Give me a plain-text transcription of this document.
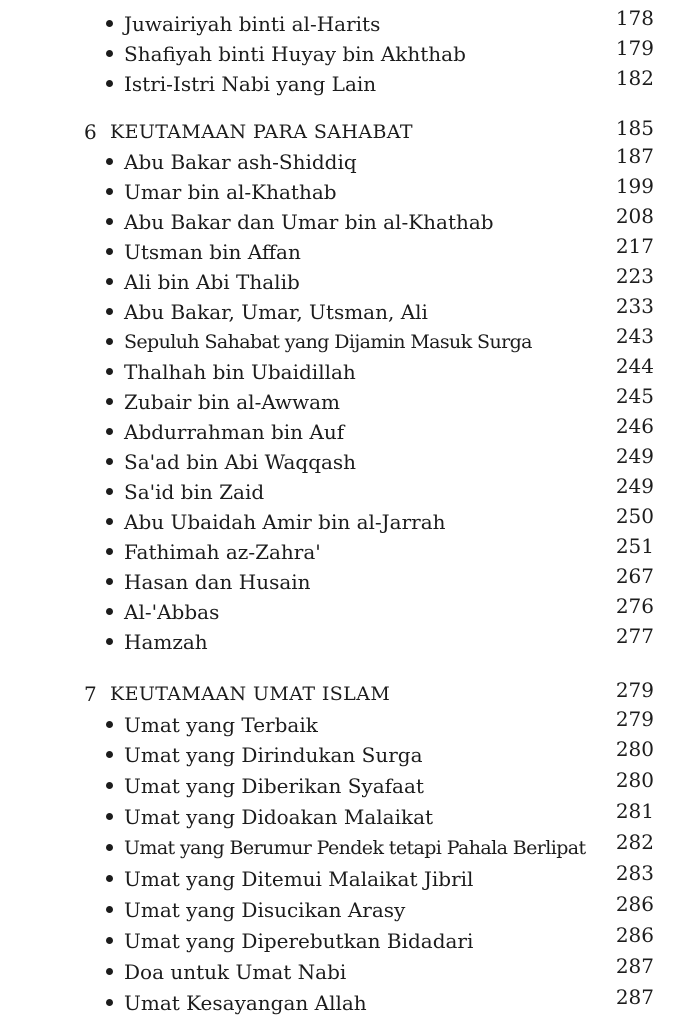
Juwairiyah binti al-Harits	178
Shafiyah binti Huyay bin Akhthab	179
Istri-Istri Nabi yang Lain	182
6 KEUTAMAAN PARA SAHABAT	185
Abu Bakar ash-Shiddiq	187
Umar bin al-Khathab	199
Abu Bakar dan Umar bin al-Khathab	208
Utsman bin Affan	217
Ali bin Abi Thalib	223
Abu Bakar, Umar, Utsman, Ali	233
Sepuluh Sahabat yang Dijamin Masuk Surga	243
Thalhah bin Ubaidillah	244
Zubair bin al-Awwam	245
Abdurrahman bin Auf	246
Sa'ad bin Abi Waqqash	249
Sa'id bin Zaid	249
Abu Ubaidah Amir bin al-Jarrah	250
Fathimah az-Zahra'	251
Hasan dan Husain	267
Al-'Abbas	276
Hamzah	277
7 KEUTAMAAN UMAT ISLAM	279
Umat yang Terbaik	279
Umat yang Dirindukan Surga	280
Umat yang Diberikan Syafaat	280
Umat yang Didoakan Malaikat	281
Umat yang Berumur Pendek tetapi Pahala Berlipat 282
Umat yang Ditemui Malaikat Jibril	283
Umat yang Disucikan Arasy	286
Umat yang Diperebutkan Bidadari	286
Doa untuk Umat Nabi	287
Umat Kesayangan Allah	287
